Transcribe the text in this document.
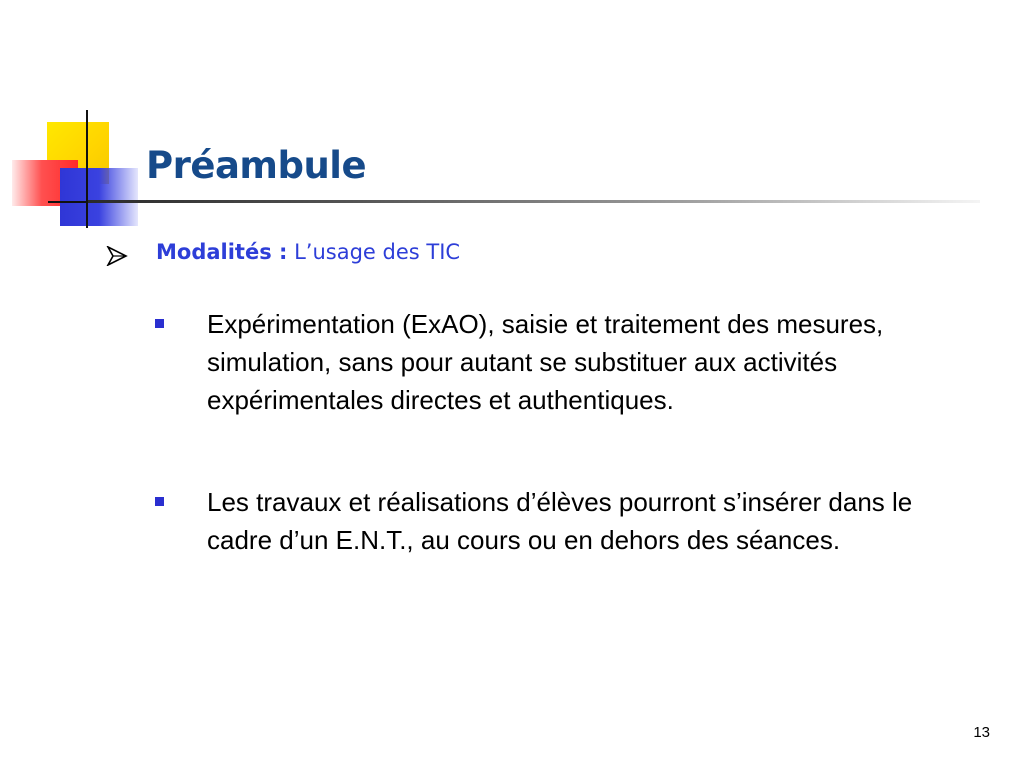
Préambule
Modalités : L’usage des TIC
Expérimentation (ExAO), saisie et traitement des mesures, simulation, sans pour autant se substituer aux activités expérimentales directes et authentiques.
Les travaux et réalisations d’élèves pourront s’insérer dans le cadre d’un E.N.T., au cours ou en dehors des séances.
13
